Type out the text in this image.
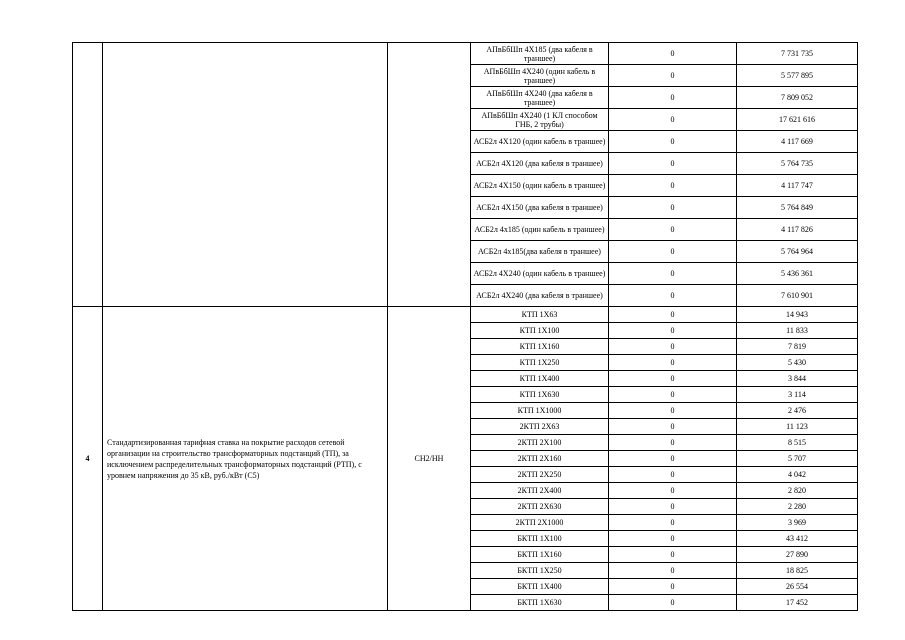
			АПвБбШп 4Х185 (два кабеля в траншее)	0	7 731 735
			АПвБбШп 4Х240 (один кабель в траншее)	0	5 577 895
			АПвБбШп 4Х240 (два кабеля в траншее)	0	7 809 052
			АПвБбШп 4Х240 (1 КЛ способом ГНБ, 2 трубы)	0	17 621 616
			АСБ2л 4Х120 (один кабель в траншее)	0	4 117 669
			АСБ2л 4Х120 (два кабеля в траншее)	0	5 764 735
			АСБ2л 4Х150 (один кабель в траншее)	0	4 117 747
			АСБ2л 4Х150 (два кабеля в траншее)	0	5 764 849
			АСБ2л 4х185 (один кабель в траншее)	0	4 117 826
			АСБ2л 4х185(два кабеля в траншее)	0	5 764 964
			АСБ2л 4Х240 (один кабель в траншее)	0	5 436 361
			АСБ2л 4Х240 (два кабеля в траншее)	0	7 610 901
4	Стандартизированная тарифная ставка на покрытие расходов сетевой организации на строительство трансформаторных подстанций (ТП), за исключением распределительных трансформаторных подстанций (РТП), с уровнем напряжения до 35 кВ, руб./кВт (С5)	СН2/НН	КТП 1Х63	0	14 943
			КТП 1Х100	0	11 833
			КТП 1Х160	0	7 819
			КТП 1Х250	0	5 430
			КТП 1Х400	0	3 844
			КТП 1Х630	0	3 114
			КТП 1Х1000	0	2 476
			2КТП 2Х63	0	11 123
			2КТП 2Х100	0	8 515
			2КТП 2Х160	0	5 707
			2КТП 2Х250	0	4 042
			2КТП 2Х400	0	2 820
			2КТП 2Х630	0	2 280
			2КТП 2Х1000	0	3 969
			БКТП 1Х100	0	43 412
			БКТП 1Х160	0	27 890
			БКТП 1Х250	0	18 825
			БКТП 1Х400	0	26 554
			БКТП 1Х630	0	17 452
